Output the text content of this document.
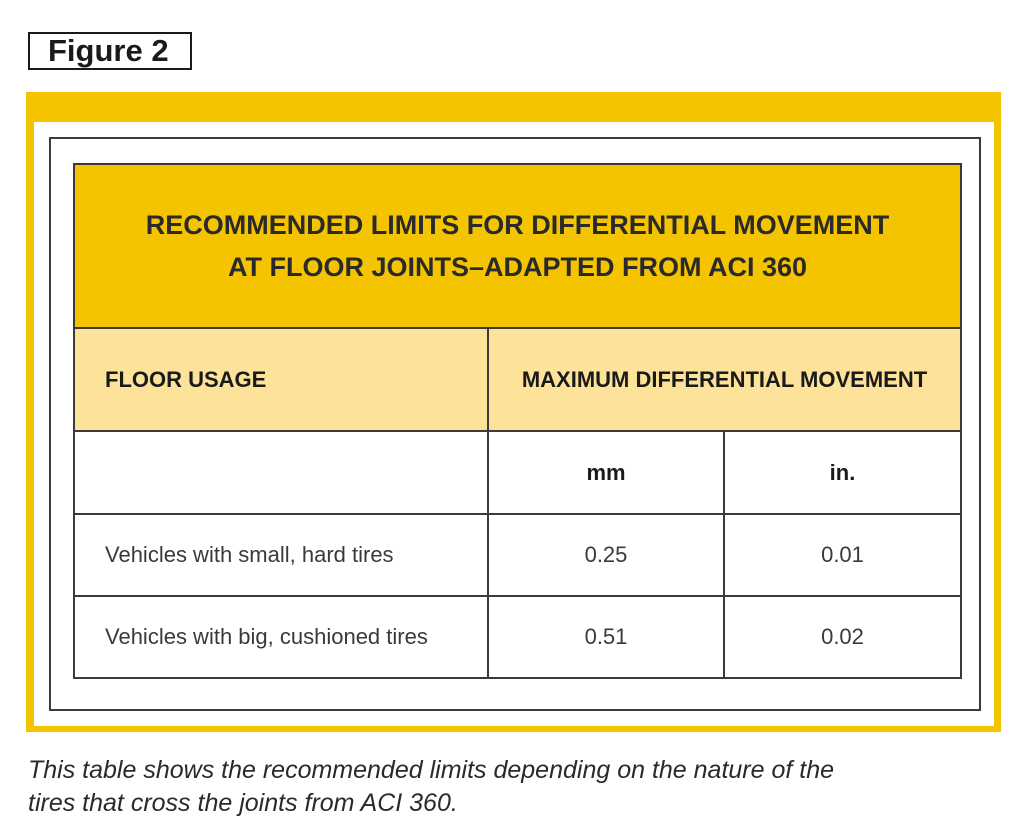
Figure 2
RECOMMENDED LIMITS FOR DIFFERENTIAL MOVEMENT
AT FLOOR JOINTS–ADAPTED FROM ACI 360		

FLOOR USAGE	MAXIMUM DIFFERENTIAL MOVEMENT	
	mm	in.
Vehicles with small, hard tires	0.25	0.01
Vehicles with big, cushioned tires	0.51	0.02
This table shows the recommended limits depending on the nature of the
tires that cross the joints from ACI 360.
